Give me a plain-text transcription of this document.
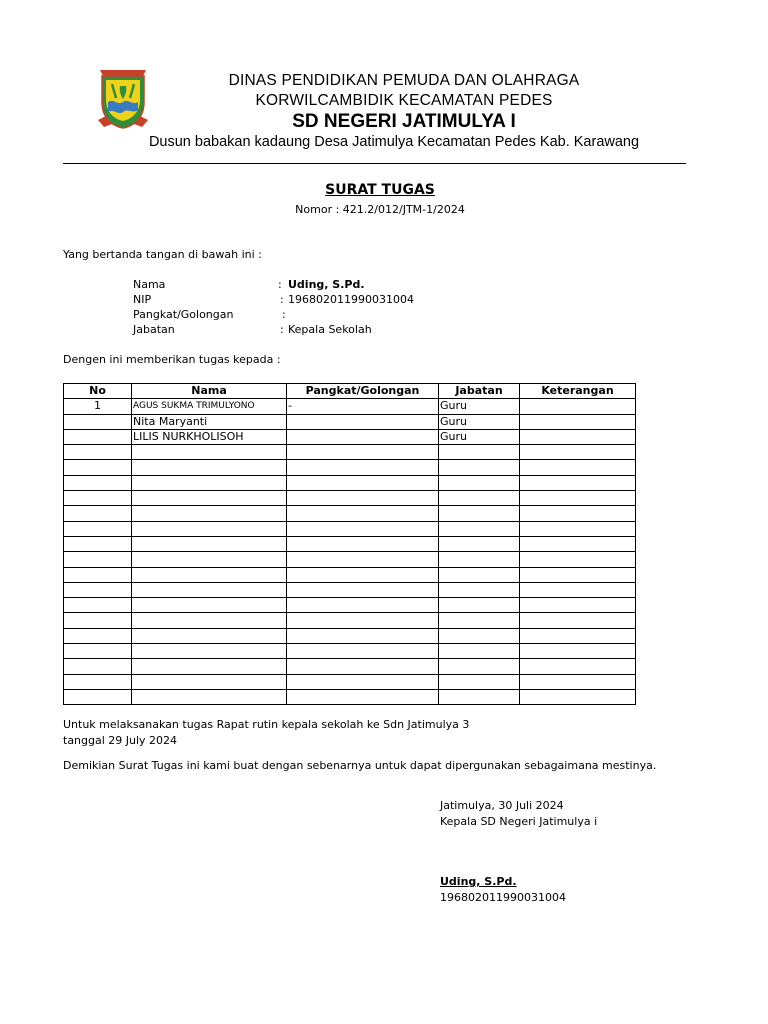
DINAS PENDIDIKAN PEMUDA DAN OLAHRAGA
KORWILCAMBIDIK KECAMATAN PEDES
SD NEGERI JATIMULYA I
Dusun babakan kadaung Desa Jatimulya Kecamatan Pedes Kab. Karawang
SURAT TUGAS
Nomor : 421.2/012/JTM-1/2024
Yang bertanda tangan di bawah ini :
Nama	: Uding, S.Pd.
NIP	: 196802011990031004
Pangkat/Golongan	:
Jabatan	: Kepala Sekolah
Dengen ini memberikan tugas kepada :
No	Nama	Pangkat/Golongan	Jabatan	Keterangan
1	AGUS SUKMA TRIMULYONO	-	Guru	
	Nita Maryanti		Guru	
	LILIS NURKHOLISOH		Guru	

Untuk melaksanakan tugas Rapat rutin kepala sekolah ke Sdn Jatimulya 3
tanggal 29 July 2024
Demikian Surat Tugas ini kami buat dengan sebenarnya untuk dapat dipergunakan sebagaimana mestinya.
Jatimulya, 30 Juli 2024
Kepala SD Negeri Jatimulya i
Uding, S.Pd.
196802011990031004
